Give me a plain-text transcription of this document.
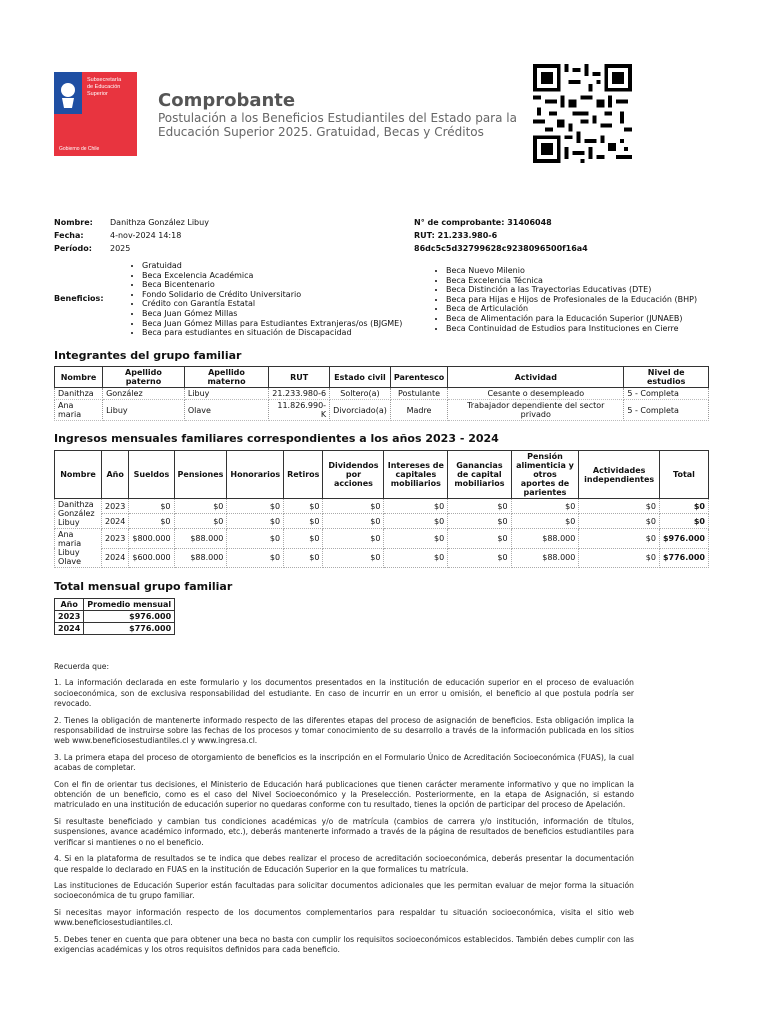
Subsecretaría
de Educación
Superior
Gobierno de Chile
Comprobante
Postulación a los Beneficios Estudiantiles del Estado para la Educación Superior 2025. Gratuidad, Becas y Créditos
Nombre: Danithza González Libuy
Fecha:	4-nov-2024 14:18
Período: 2025
N° de comprobante: 31406048
RUT: 21.233.980-6
86dc5c5d32799628c9238096500f16a4
Beneficios:
• Gratuidad
• Beca Excelencia Académica
• Beca Bicentenario
• Fondo Solidario de Crédito Universitario
• Crédito con Garantía Estatal
• Beca Juan Gómez Millas
• Beca Juan Gómez Millas para Estudiantes Extranjeras/os (BJGME)
• Beca para estudiantes en situación de Discapacidad
• Beca Nuevo Milenio
• Beca Excelencia Técnica
• Beca Distinción a las Trayectorias Educativas (DTE)
• Beca para Hijas e Hijos de Profesionales de la Educación (BHP)
• Beca de Articulación
• Beca de Alimentación para la Educación Superior (JUNAEB)
• Beca Continuidad de Estudios para Instituciones en Cierre
Integrantes del grupo familiar
Nombre	Apellido paterno	Apellido materno	RUT	Estado civil	Parentesco	Actividad	Nivel de estudios
Danithza	González	Libuy	21.233.980-6	Soltero(a)	Postulante	Cesante o desempleado	5 - Completa
Ana maria	Libuy	Olave	11.826.990-K	Divorciado(a)	Madre	Trabajador dependiente del sector privado	5 - Completa
Ingresos mensuales familiares correspondientes a los años 2023 - 2024
Nombre	Año	Sueldos	Pensiones	Honorarios	Retiros	Dividendos por acciones	Intereses de capitales mobiliarios	Ganancias de capital mobiliarios	Pensión alimenticia y otros aportes de parientes	Actividades independientes	Total
Danithza González Libuy	2023	$0	$0	$0	$0	$0	$0	$0	$0	$0	$0
	2024	$0	$0	$0	$0	$0	$0	$0	$0	$0	$0
Ana maria Libuy Olave	2023	$800.000	$88.000	$0	$0	$0	$0	$0	$88.000	$0	$976.000
	2024	$600.000	$88.000	$0	$0	$0	$0	$0	$88.000	$0	$776.000
Total mensual grupo familiar
Año	Promedio mensual
2023	$976.000
2024	$776.000

Recuerda que:

1. La información declarada en este formulario y los documentos presentados en la institución de educación superior en el proceso de evaluación socioeconómica, son de exclusiva responsabilidad del estudiante. En caso de incurrir en un error u omisión, el beneficio al que postula podría ser revocado.

2. Tienes la obligación de mantenerte informado respecto de las diferentes etapas del proceso de asignación de beneficios. Esta obligación implica la responsabilidad de instruirse sobre las fechas de los procesos y tomar conocimiento de su desarrollo a través de la información publicada en los sitios web www.beneficiosestudiantiles.cl y www.ingresa.cl.

3. La primera etapa del proceso de otorgamiento de beneficios es la inscripción en el Formulario Único de Acreditación Socioeconómica (FUAS), la cual acabas de completar.

Con el fin de orientar tus decisiones, el Ministerio de Educación hará publicaciones que tienen carácter meramente informativo y que no implican la obtención de un beneficio, como es el caso del Nivel Socioeconómico y la Preselección. Posteriormente, en la etapa de Asignación, si estando matriculado en una institución de educación superior no quedaras conforme con tu resultado, tienes la opción de participar del proceso de Apelación.

Si resultaste beneficiado y cambian tus condiciones académicas y/o de matrícula (cambios de carrera y/o institución, información de títulos, suspensiones, avance académico informado, etc.), deberás mantenerte informado a través de la página de resultados de beneficios estudiantiles para verificar si mantienes o no el beneficio.

4. Si en la plataforma de resultados se te indica que debes realizar el proceso de acreditación socioeconómica, deberás presentar la documentación que respalde lo declarado en FUAS en la institución de Educación Superior en la que formalices tu matrícula.

Las instituciones de Educación Superior están facultadas para solicitar documentos adicionales que les permitan evaluar de mejor forma la situación socioeconómica de tu grupo familiar.

Si necesitas mayor información respecto de los documentos complementarios para respaldar tu situación socioeconómica, visita el sitio web www.beneficiosestudiantiles.cl.

5. Debes tener en cuenta que para obtener una beca no basta con cumplir los requisitos socioeconómicos establecidos. También debes cumplir con las exigencias académicas y los otros requisitos definidos para cada beneficio.
